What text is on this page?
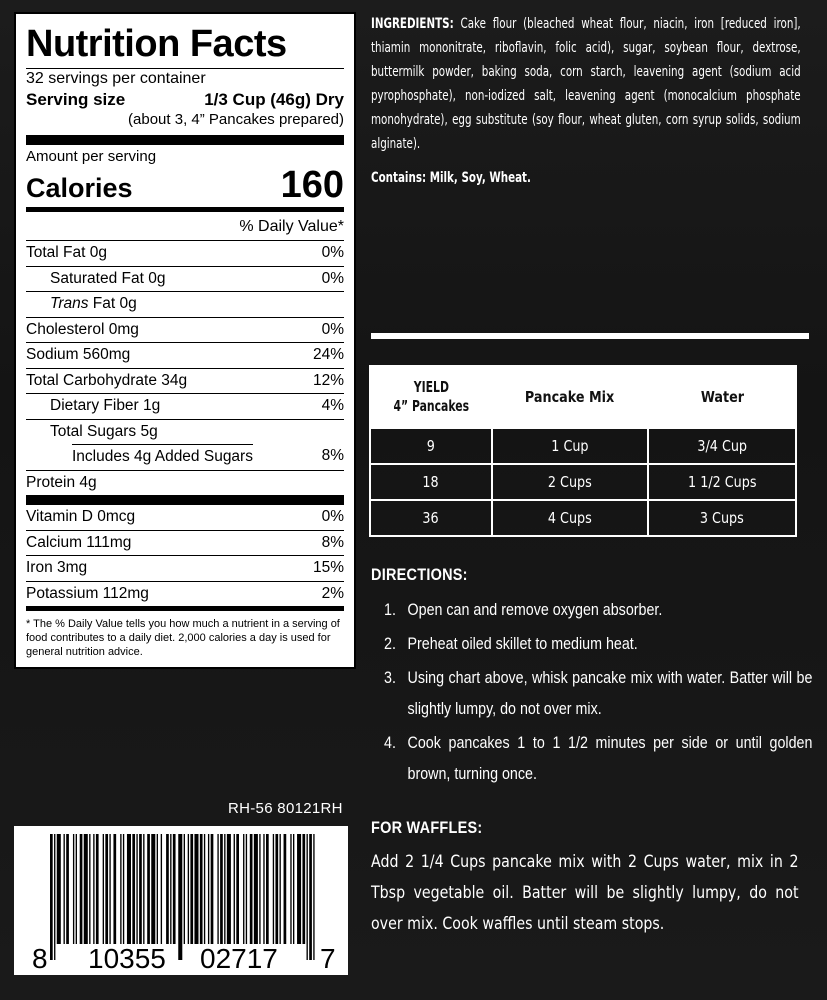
Nutrition Facts
32 servings per container
Serving size	1/3 Cup (46g) Dry
(about 3, 4” Pancakes prepared)
Amount per serving
Calories	160
% Daily Value*
Total Fat 0g	0%
Saturated Fat 0g	0%
Trans Fat 0g
Cholesterol 0mg	0%
Sodium 560mg	24%
Total Carbohydrate 34g	12%
Dietary Fiber 1g	4%
Total Sugars 5g
Includes 4g Added Sugars	8%
Protein 4g
Vitamin D 0mcg	0%
Calcium 111mg	8%
Iron 3mg	15%
Potassium 112mg	2%
* The % Daily Value tells you how much a nutrient in a serving of food contributes to a daily diet. 2,000 calories a day is used for general nutrition advice.
RH-56 80121RH
8 10355 02717 7
INGREDIENTS: Cake flour (bleached wheat flour, niacin, iron [reduced iron], thiamin mononitrate, riboflavin, folic acid), sugar, soybean flour, dextrose, buttermilk powder, baking soda, corn starch, leavening agent (sodium acid pyrophosphate), non-iodized salt, leavening agent (monocalcium phosphate monohydrate), egg substitute (soy flour, wheat gluten, corn syrup solids, sodium alginate).
Contains: Milk, Soy, Wheat.
YIELD
4” Pancakes	Pancake Mix	Water
9	1 Cup	3/4 Cup
18	2 Cups	1 1/2 Cups
36	4 Cups	3 Cups
DIRECTIONS:
1. Open can and remove oxygen absorber.
2. Preheat oiled skillet to medium heat.
3. Using chart above, whisk pancake mix with water. Batter will be slightly lumpy, do not over mix.
4. Cook pancakes 1 to 1 1/2 minutes per side or until golden brown, turning once.
FOR WAFFLES:
Add 2 1/4 Cups pancake mix with 2 Cups water, mix in 2 Tbsp vegetable oil. Batter will be slightly lumpy, do not over mix. Cook waffles until steam stops.
